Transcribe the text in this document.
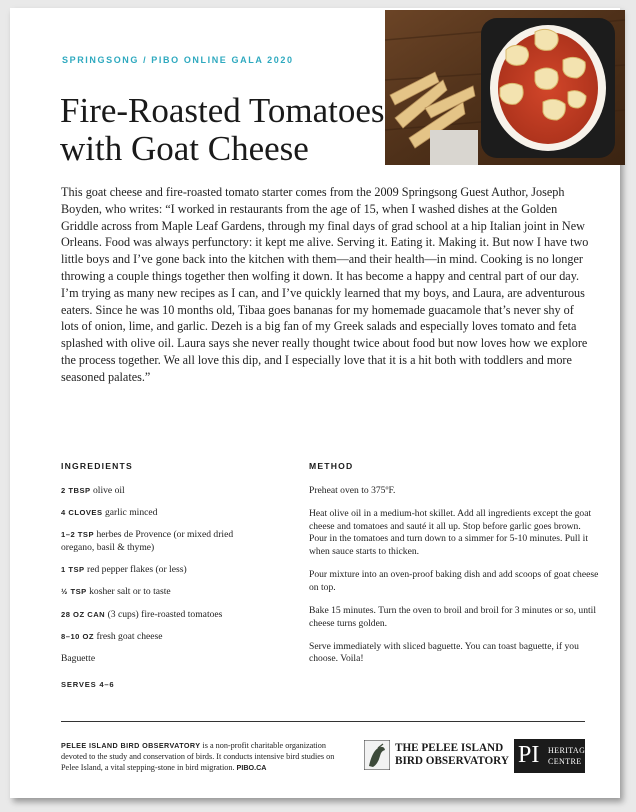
SPRINGSONG / PIBO ONLINE GALA 2020
Fire-Roasted Tomatoes
with Goat Cheese

This goat cheese and fire-roasted tomato starter comes from the 2009 Springsong Guest Author, Joseph Boyden, who writes: “I worked in restaurants from the age of 15, when I washed dishes at the Golden Griddle across from Maple Leaf Gardens, through my final days of grad school at a hip Italian joint in New Orleans. Food was always perfunctory: it kept me alive. Serving it. Eating it. Making it. But now I have two little boys and I’ve gone back into the kitchen with them—and their health—in mind. Cooking is no longer throwing a couple things together then wolfing it down. It has become a happy and central part of our day. I’m trying as many new recipes as I can, and I’ve quickly learned that my boys, and Laura, are adventurous eaters. Since he was 10 months old, Tibaa goes bananas for my homemade guacamole that’s never shy of lots of onion, lime, and garlic. Dezeh is a big fan of my Greek salads and especially loves tomato and feta splashed with olive oil. Laura says she never really thought twice about food but now loves how we explore the process together. We all love this dip, and I especially love that it is a hit both with toddlers and more seasoned palates.”

INGREDIENTS	METHOD
2 TBSP olive oil
4 CLOVES garlic minced
1–2 TSP herbes de Provence (or mixed dried oregano, basil & thyme)
1 TSP red pepper flakes (or less)
½ TSP kosher salt or to taste
28 OZ CAN (3 cups) fire-roasted tomatoes
8–10 OZ fresh goat cheese
Baguette
SERVES 4–6
Preheat oven to 375ºF.
Heat olive oil in a medium-hot skillet. Add all ingredients except the goat cheese and tomatoes and sauté it all up. Stop before garlic goes brown. Pour in the tomatoes and turn down to a simmer for 5-10 minutes. Pull it when sauce starts to thicken.
Pour mixture into an oven-proof baking dish and add scoops of goat cheese on top.
Bake 15 minutes. Turn the oven to broil and broil for 3 minutes or so, until cheese turns golden.
Serve immediately with sliced baguette. You can toast baguette, if you choose. Voila!
PELEE ISLAND BIRD OBSERVATORY is a non-profit charitable organization devoted to the study and conservation of birds. It conducts intensive bird studies on Pelee Island, a vital stepping-stone in bird migration. PIBO.CA
THE PELEE ISLAND
BIRD OBSERVATORY PI HERITAGE
CENTRE
